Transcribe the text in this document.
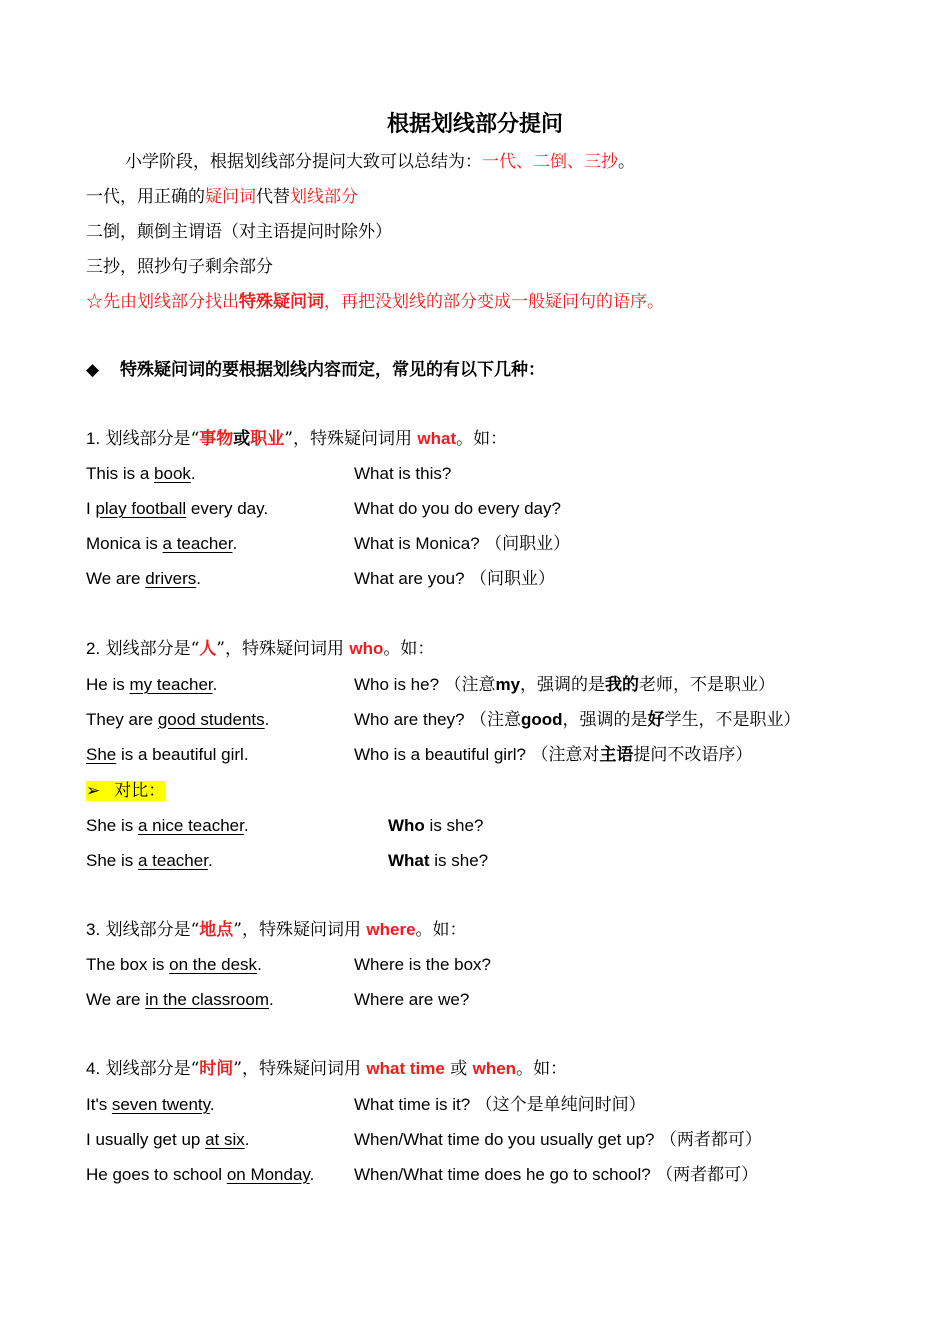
根据划线部分提问
小学阶段，根据划线部分提问大致可以总结为：一代、二倒、三抄。
一代，用正确的疑问词代替划线部分
二倒，颠倒主谓语（对主语提问时除外）
三抄，照抄句子剩余部分
☆先由划线部分找出特殊疑问词，再把没划线的部分变成一般疑问句的语序。
◆ 特殊疑问词的要根据划线内容而定，常见的有以下几种：
1. 划线部分是“事物或职业”，特殊疑问词用 what。如：
This is a book.	What is this?
I play football every day.	What do you do every day?
Monica is a teacher.	What is Monica? （问职业）
We are drivers.	What are you? （问职业）
2. 划线部分是“人”，特殊疑问词用 who。如：
He is my teacher.	Who is he? （注意my，强调的是我的老师，不是职业）
They are good students.	Who are they? （注意good，强调的是好学生，不是职业）
She is a beautiful girl.	Who is a beautiful girl? （注意对主语提问不改语序）
➢ 对比：
She is a nice teacher.	Who is she?
She is a teacher.	What is she?
3. 划线部分是“地点”，特殊疑问词用 where。如：
The box is on the desk.	Where is the box?
We are in the classroom.	Where are we?
4. 划线部分是“时间”，特殊疑问词用 what time 或 when。如：
It's seven twenty.	What time is it? （这个是单纯问时间）
I usually get up at six.	When/What time do you usually get up? （两者都可）
He goes to school on Monday. When/What time does he go to school? （两者都可）
